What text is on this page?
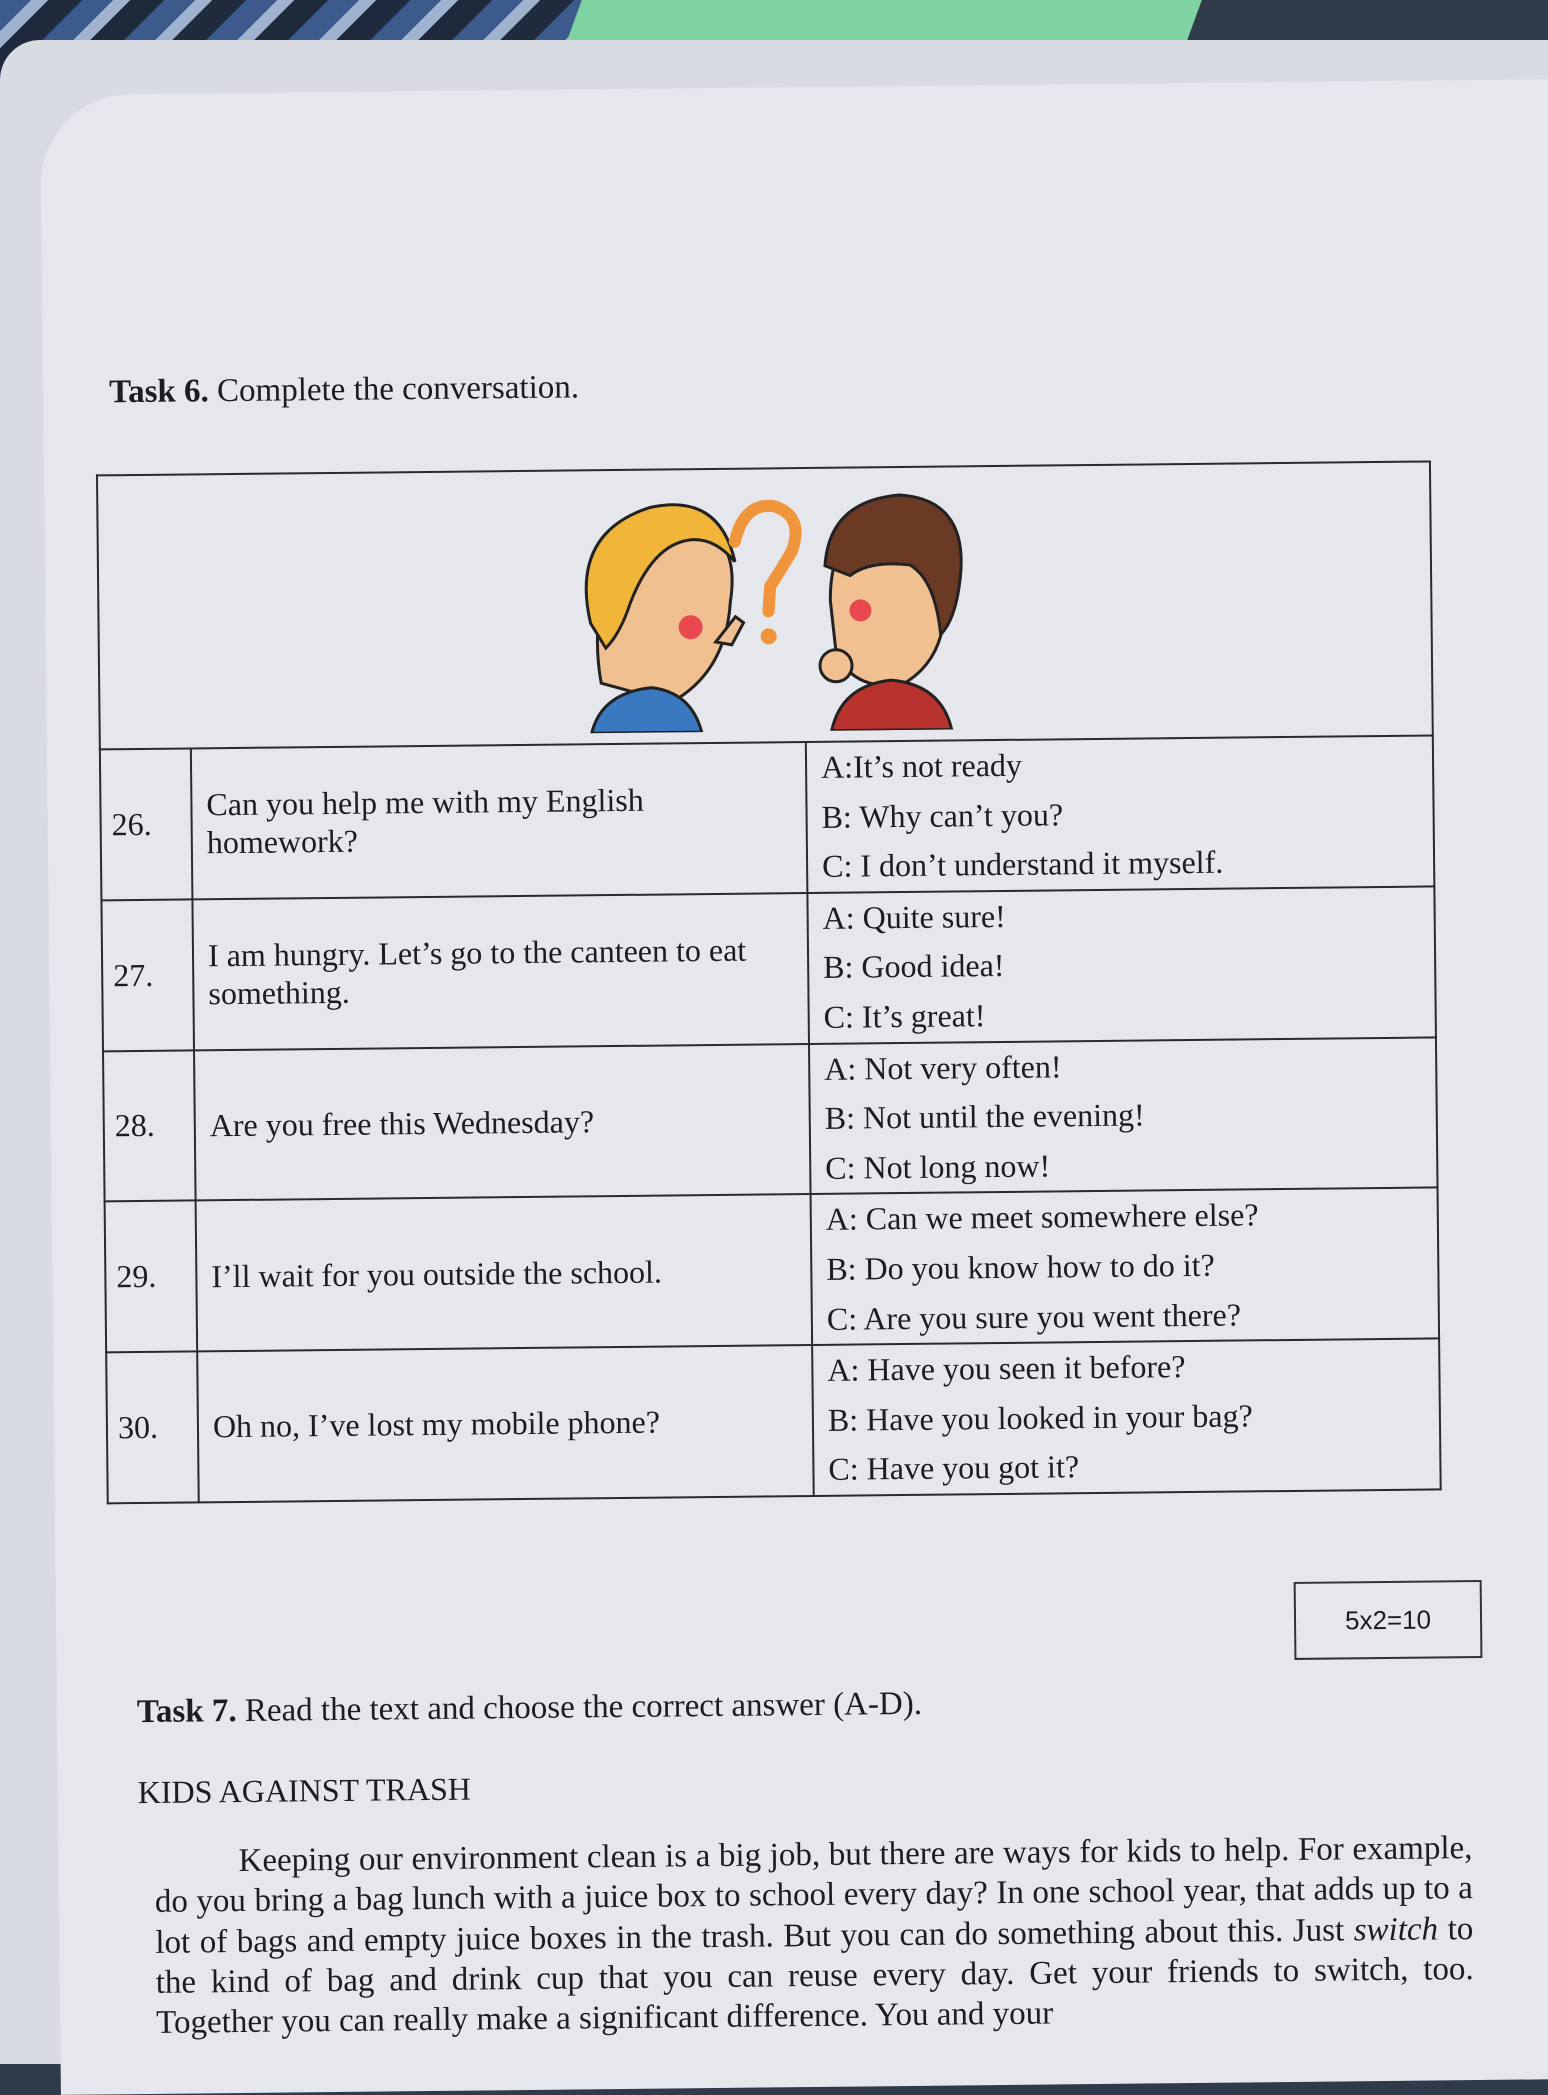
Task 6. Complete the conversation.

26.	Can you help me with my English homework?	A:It’s not ready
B: Why can’t you?
C: I don’t understand it myself.

27.	I am hungry. Let’s go to the canteen to eat something.	A: Quite sure!
B: Good idea!
C: It’s great!

28.	Are you free this Wednesday?	A: Not very often!
B: Not until the evening!
C: Not long now!

29.	I’ll wait for you outside the school.	A: Can we meet somewhere else?
B: Do you know how to do it?
C: Are you sure you went there?

30.	Oh no, I’ve lost my mobile phone?	A: Have you seen it before?
B: Have you looked in your bag?
C: Have you got it?
5x2=10
Task 7. Read the text and choose the correct answer (A-D).
KIDS AGAINST TRASH
Keeping our environment clean is a big job, but there are ways for kids to help. For example, do you bring a bag lunch with a juice box to school every day? In one school year, that adds up to a lot of bags and empty juice boxes in the trash. But you can do something about this. Just switch to the kind of bag and drink cup that you can reuse every day. Get your friends to switch, too. Together you can really make a significant difference. You and your
